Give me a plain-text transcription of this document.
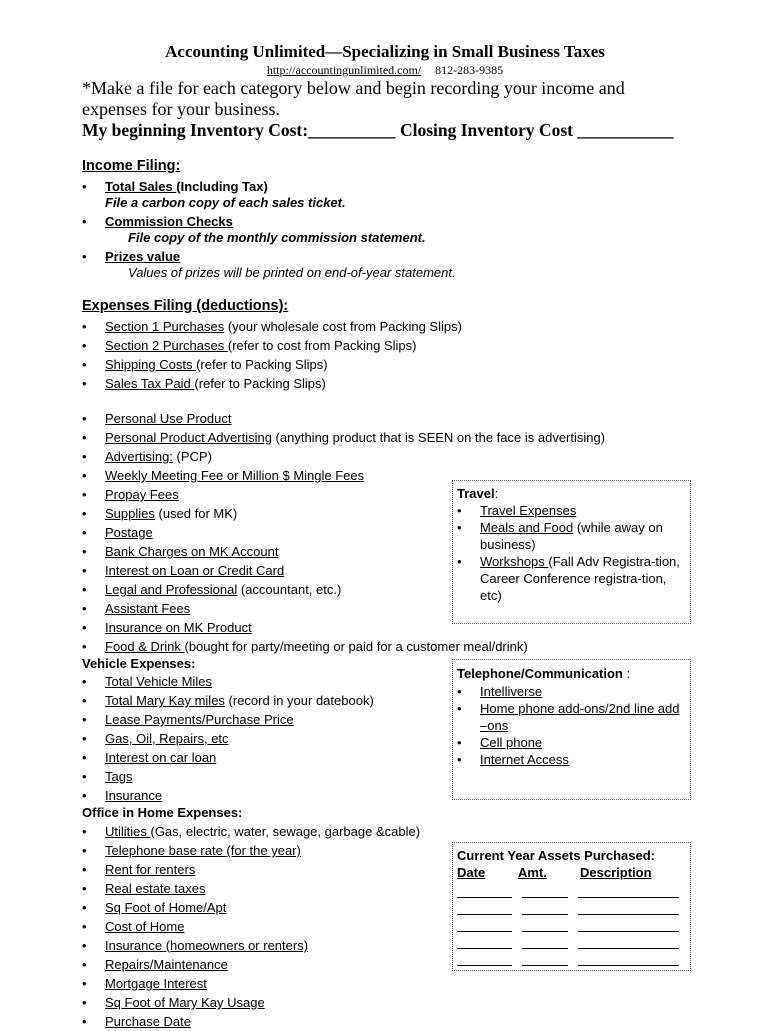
Accounting Unlimited—Specializing in Small Business Taxes
http://accountingunlimited.com/ 812-283-9385
*Make a file for each category below and begin recording your income and expenses for your business.
My beginning Inventory Cost:__________ Closing Inventory Cost ___________
Income Filing:
• Total Sales (Including Tax)
File a carbon copy of each sales ticket.
• Commission Checks
File copy of the monthly commission statement.
• Prizes value
Values of prizes will be printed on end-of-year statement.
Expenses Filing (deductions):
• Section 1 Purchases (your wholesale cost from Packing Slips)
• Section 2 Purchases (refer to cost from Packing Slips)
• Shipping Costs (refer to Packing Slips)
• Sales Tax Paid (refer to Packing Slips)
• Personal Use Product
• Personal Product Advertising (anything product that is SEEN on the face is advertising)
• Advertising: (PCP)
• Weekly Meeting Fee or Million $ Mingle Fees
• Propay Fees
• Supplies (used for MK)
• Postage
• Bank Charges on MK Account
• Interest on Loan or Credit Card
• Legal and Professional (accountant, etc.)
• Assistant Fees
• Insurance on MK Product
• Food & Drink (bought for party/meeting or paid for a customer meal/drink)
Vehicle Expenses:
• Total Vehicle Miles
• Total Mary Kay miles (record in your datebook)
• Lease Payments/Purchase Price
• Gas, Oil, Repairs, etc
• Interest on car loan
• Tags
• Insurance
Office in Home Expenses:
• Utilities (Gas, electric, water, sewage, garbage &cable)
• Telephone base rate (for the year)
• Rent for renters
• Real estate taxes
• Sq Foot of Home/Apt
• Cost of Home
• Insurance (homeowners or renters)
• Repairs/Maintenance
• Mortgage Interest
• Sq Foot of Mary Kay Usage
• Purchase Date
Travel:
• Travel Expenses
• Meals and Food (while away on business)
• Workshops (Fall Adv Registra-tion, Career Conference registra-tion, etc)
Telephone/Communication :
• Intelliverse
• Home phone add-ons/2nd line add –ons
• Cell phone
• Internet Access
Current Year Assets Purchased:
Date	Amt.	Description
